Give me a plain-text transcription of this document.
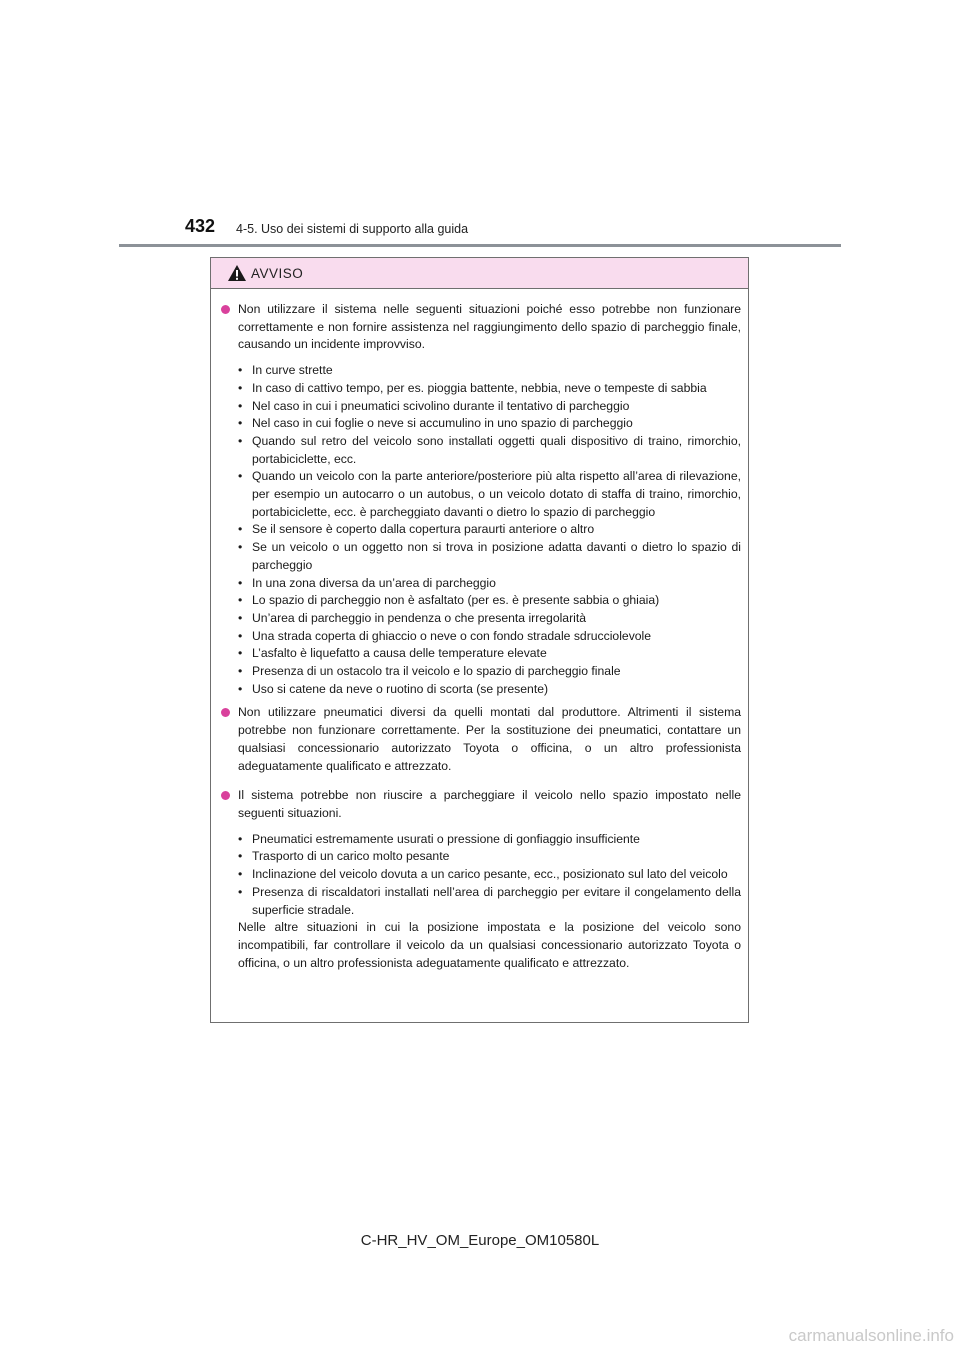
432 4-5. Uso dei sistemi di supporto alla guida
AVVISO

Non utilizzare il sistema nelle seguenti situazioni poiché esso potrebbe non funzionare correttamente e non fornire assistenza nel raggiungimento dello spazio di parcheggio finale, causando un incidente improvviso.

• In curve strette
• In caso di cattivo tempo, per es. pioggia battente, nebbia, neve o tempeste di sabbia
• Nel caso in cui i pneumatici scivolino durante il tentativo di parcheggio
• Nel caso in cui foglie o neve si accumulino in uno spazio di parcheggio
• Quando sul retro del veicolo sono installati oggetti quali dispositivo di traino, rimorchio, portabiciclette, ecc.
• Quando un veicolo con la parte anteriore/posteriore più alta rispetto all’area di rilevazione, per esempio un autocarro o un autobus, o un veicolo dotato di staffa di traino, rimorchio, portabiciclette, ecc. è parcheggiato davanti o dietro lo spazio di parcheggio
• Se il sensore è coperto dalla copertura paraurti anteriore o altro
• Se un veicolo o un oggetto non si trova in posizione adatta davanti o dietro lo spazio di parcheggio
• In una zona diversa da un’area di parcheggio
• Lo spazio di parcheggio non è asfaltato (per es. è presente sabbia o ghiaia)
• Un’area di parcheggio in pendenza o che presenta irregolarità
• Una strada coperta di ghiaccio o neve o con fondo stradale sdrucciolevole
• L’asfalto è liquefatto a causa delle temperature elevate
• Presenza di un ostacolo tra il veicolo e lo spazio di parcheggio finale
• Uso si catene da neve o ruotino di scorta (se presente)

Non utilizzare pneumatici diversi da quelli montati dal produttore. Altrimenti il sistema potrebbe non funzionare correttamente. Per la sostituzione dei pneumatici, contattare un qualsiasi concessionario autorizzato Toyota o officina, o un altro professionista adeguatamente qualificato e attrezzato.

Il sistema potrebbe non riuscire a parcheggiare il veicolo nello spazio impostato nelle seguenti situazioni.

• Pneumatici estremamente usurati o pressione di gonfiaggio insufficiente
• Trasporto di un carico molto pesante
• Inclinazione del veicolo dovuta a un carico pesante, ecc., posizionato sul lato del veicolo
• Presenza di riscaldatori installati nell’area di parcheggio per evitare il congelamento della superficie stradale.

Nelle altre situazioni in cui la posizione impostata e la posizione del veicolo sono incompatibili, far controllare il veicolo da un qualsiasi concessionario autorizzato Toyota o officina, o un altro professionista adeguatamente qualificato e attrezzato.

C-HR_HV_OM_Europe_OM10580L
carmanualsonline.info
